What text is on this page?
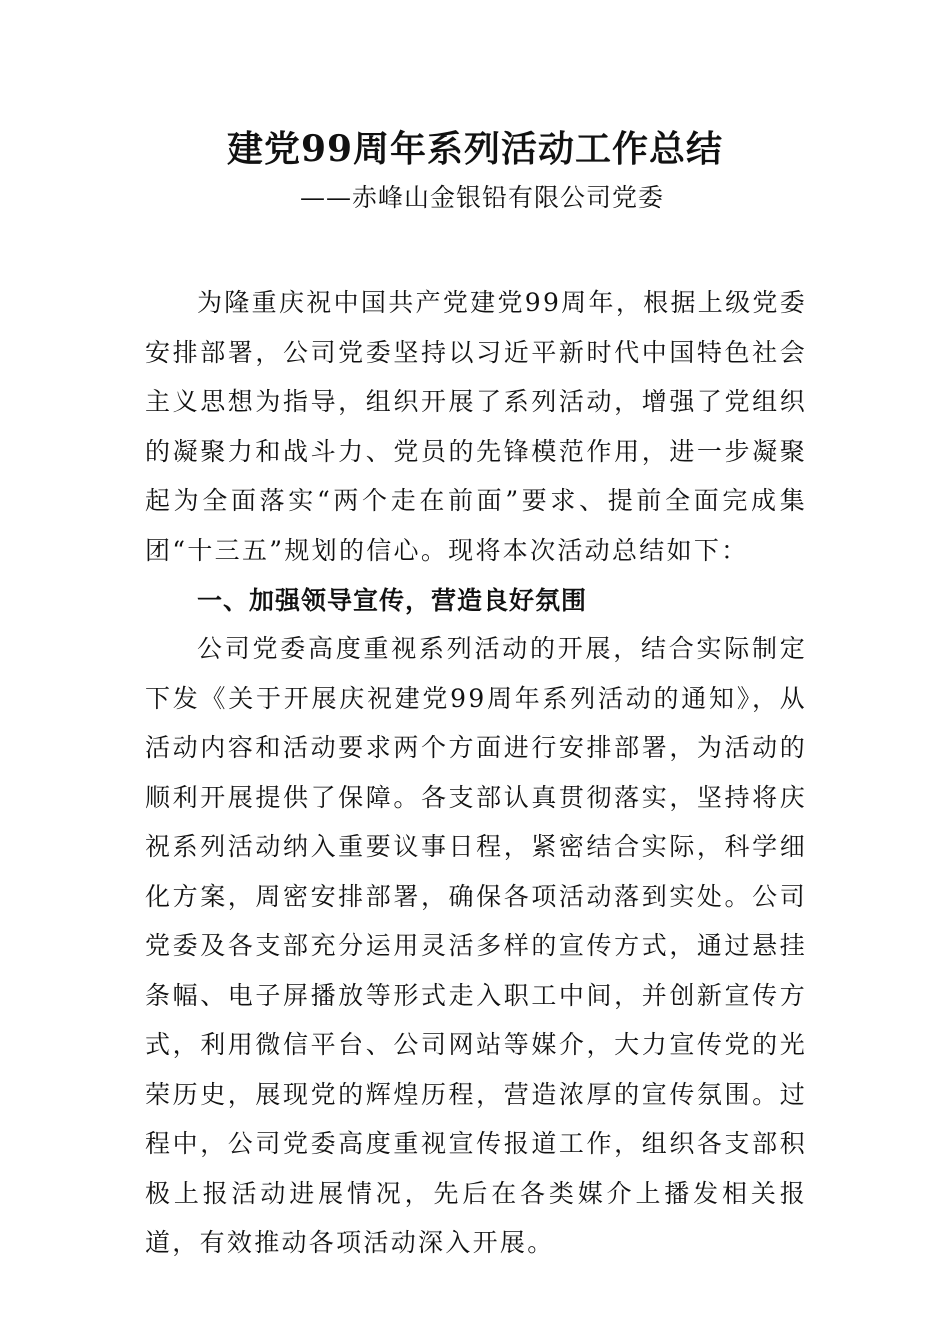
建党99周年系列活动工作总结
——赤峰山金银铅有限公司党委
为隆重庆祝中国共产党建党99周年，根据上级党委安排部署，公司党委坚持以习近平新时代中国特色社会主义思想为指导，组织开展了系列活动，增强了党组织的凝聚力和战斗力、党员的先锋模范作用，进一步凝聚起为全面落实“两个走在前面”要求、提前全面完成集团“十三五”规划的信心。现将本次活动总结如下：
一、加强领导宣传，营造良好氛围
公司党委高度重视系列活动的开展，结合实际制定下发《关于开展庆祝建党99周年系列活动的通知》，从活动内容和活动要求两个方面进行安排部署，为活动的顺利开展提供了保障。各支部认真贯彻落实，坚持将庆祝系列活动纳入重要议事日程，紧密结合实际，科学细化方案，周密安排部署，确保各项活动落到实处。公司党委及各支部充分运用灵活多样的宣传方式，通过悬挂条幅、电子屏播放等形式走入职工中间，并创新宣传方式，利用微信平台、公司网站等媒介，大力宣传党的光荣历史，展现党的辉煌历程，营造浓厚的宣传氛围。过程中，公司党委高度重视宣传报道工作，组织各支部积极上报活动进展情况，先后在各类媒介上播发相关报道，有效推动各项活动深入开展。
